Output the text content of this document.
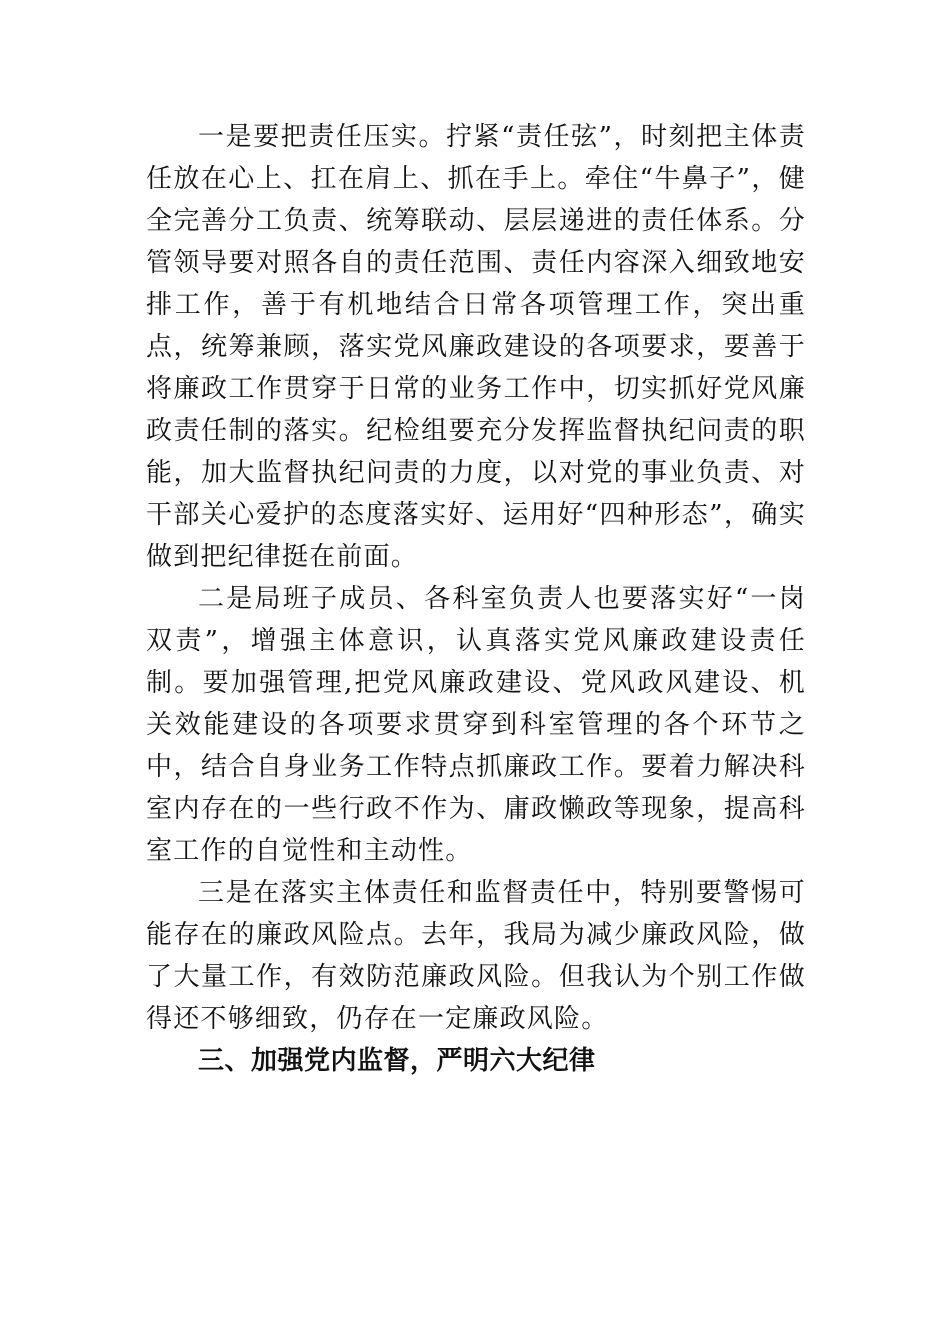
一是要把责任压实。拧紧“责任弦”，时刻把主体责任放在心上、扛在肩上、抓在手上。牵住“牛鼻子”，健全完善分工负责、统筹联动、层层递进的责任体系。分管领导要对照各自的责任范围、责任内容深入细致地安排工作，善于有机地结合日常各项管理工作，突出重点，统筹兼顾，落实党风廉政建设的各项要求，要善于将廉政工作贯穿于日常的业务工作中，切实抓好党风廉政责任制的落实。纪检组要充分发挥监督执纪问责的职能，加大监督执纪问责的力度，以对党的事业负责、对干部关心爱护的态度落实好、运用好“四种形态”，确实做到把纪律挺在前面。

二是局班子成员、各科室负责人也要落实好“一岗双责”，增强主体意识，认真落实党风廉政建设责任制。要加强管理,把党风廉政建设、党风政风建设、机关效能建设的各项要求贯穿到科室管理的各个环节之中，结合自身业务工作特点抓廉政工作。要着力解决科室内存在的一些行政不作为、庸政懒政等现象，提高科室工作的自觉性和主动性。

三是在落实主体责任和监督责任中，特别要警惕可能存在的廉政风险点。去年，我局为减少廉政风险，做了大量工作，有效防范廉政风险。但我认为个别工作做得还不够细致，仍存在一定廉政风险。

三、加强党内监督，严明六大纪律
